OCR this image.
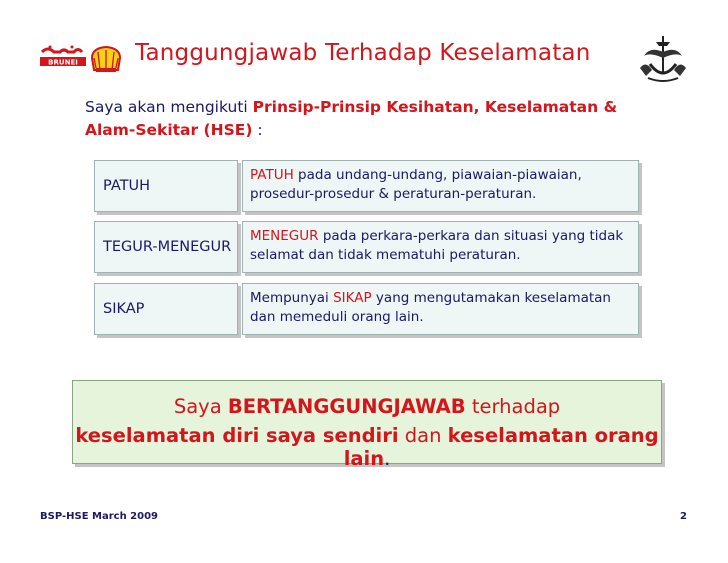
BRUNEI Tanggungjawab Terhadap Keselamatan
Saya akan mengikuti Prinsip-Prinsip Kesihatan, Keselamatan & Alam-Sekitar (HSE) :
PATUH
PATUH pada undang-undang, piawaian-piawaian, prosedur-prosedur & peraturan-peraturan.
TEGUR-MENEGUR
MENEGUR pada perkara-perkara dan situasi yang tidak selamat dan tidak mematuhi peraturan.
SIKAP
Mempunyai SIKAP yang mengutamakan keselamatan dan memeduli orang lain.
Saya BERTANGGUNGJAWAB terhadap
keselamatan diri saya sendiri dan keselamatan orang lain.
BSP-HSE March 2009	2
